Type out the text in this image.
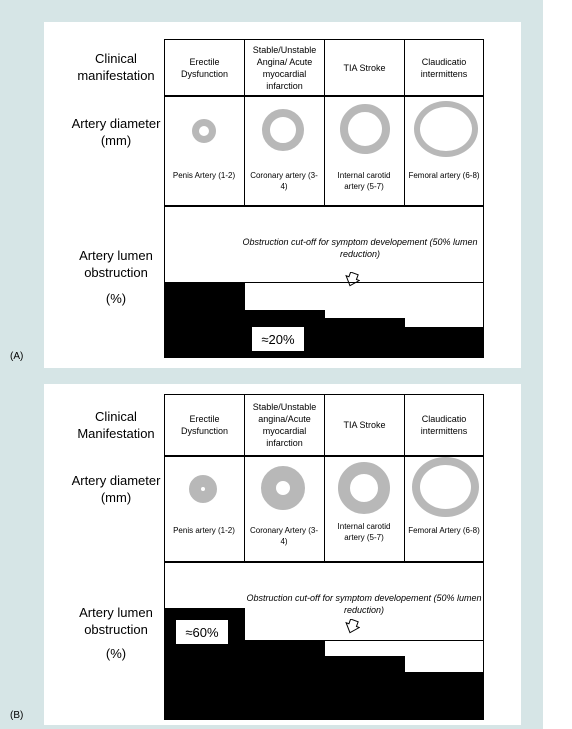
(A)
Clinical manifestation
Artery diameter (mm)
Artery lumen obstruction
(%)
Erectile Dysfunction
Stable/Unstable Angina/ Acute myocardial infarction
TIA Stroke
Claudicatio intermittens
Penis Artery (1-2)	Coronary artery (3-4)
Internal carotid artery (5-7)
Femoral artery (6-8)
Obstruction cut-off for symptom developement (50% lumen reduction)
≈20%
(B)
Clinical Manifestation
Artery diameter (mm)
Artery lumen obstruction
(%)
Erectile Dysfunction
Stable/Unstable angina/Acute myocardial infarction
TIA Stroke
Claudicatio intermittens
Penis artery (1-2)	Coronary Artery (3-4)
Internal carotid artery (5-7)
Femoral Artery (6-8)
Obstruction cut-off for symptom developement (50% lumen reduction)
≈60%
